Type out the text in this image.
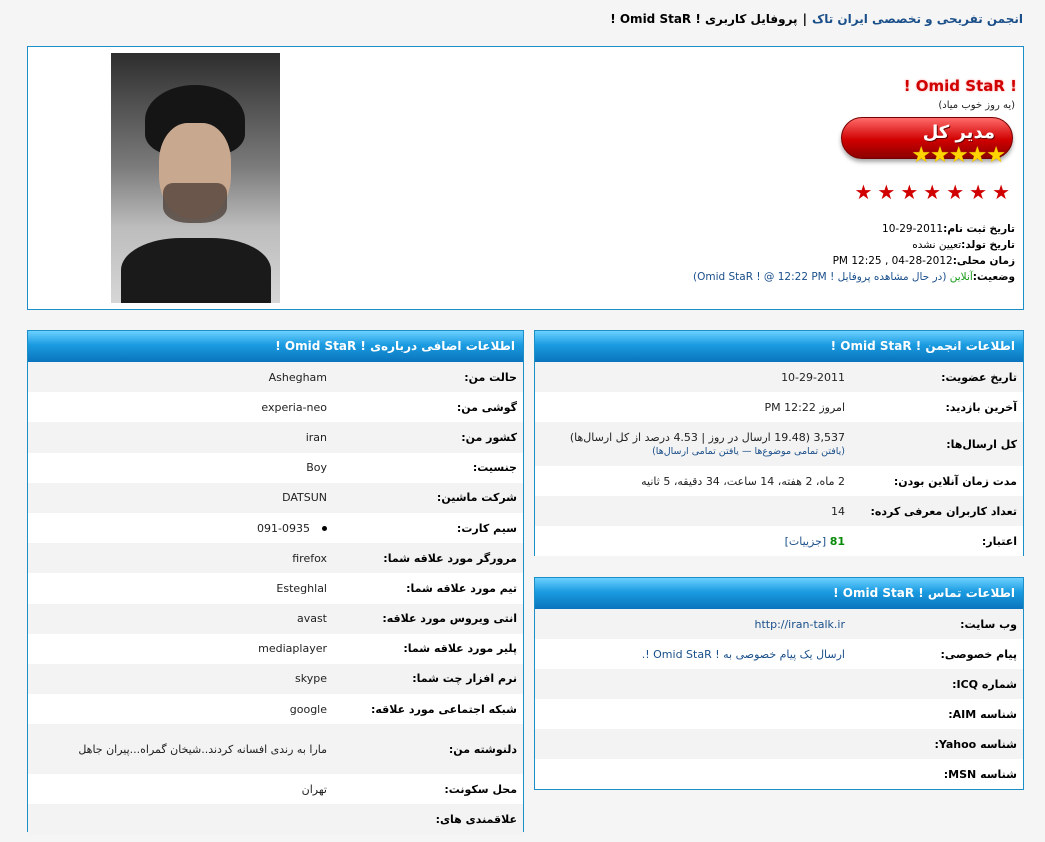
انجمن تفریحی و تخصصی ایران تاک|پروفایل کاربری ! Omid StaR !
! Omid StaR !
(یه روز خوب میاد)
مدیر کل
★★★★★
★★★★★★★
تاریخ ثبت نام:2011-29-10
تاریخ تولد:تعیین نشده
زمان محلی:2012-28-04 , 12:25 PM
وضعیت:آنلاین (در حال مشاهده پروفایل ! Omid StaR ! @ 12:22 PM)
اطلاعات اضافی درباره‌ی ! Omid StaR !
حالت من:	Ashegham
گوشی من:	experia-neo
کشور من:	iran
جنسیت:	Boy
شرکت ماشین:	DATSUN
سیم کارت:	091-0935
مرورگر مورد علاقه شما:	firefox
تیم مورد علاقه شما:	Esteghlal
انتی ویروس مورد علاقه:	avast
پلیر مورد علاقه شما:	mediaplayer
نرم افزار چت شما:	skype
شبکه اجتماعی مورد علاقه:	google
دلنوشته من:	مارا به رندی افسانه کردند..شیخان گمراه...پیران جاهل
محل سکونت:	تهران
علاقمندی های:	
اطلاعات انجمن ! Omid StaR !
تاریخ عضویت:	10-29-2011
آخرین بازدید:	امروز 12:22 PM
کل ارسال‌ها:	3,537 (19.48 ارسال در روز | 4.53 درصد از کل ارسال‌ها)
(یافتن تمامی موضوع‌ها — یافتن تمامی ارسال‌ها)
مدت زمان آنلاین بودن:	2 ماه، 2 هفته، 14 ساعت، 34 دقیقه، 5 ثانیه
تعداد کاربران معرفی کرده:	14
اعتبار:	81 [جزییات]
اطلاعات تماس ! Omid StaR !
وب سایت:	http://iran-talk.ir
پیام خصوصی:	ارسال یک پیام خصوصی به ! Omid StaR !.
شماره ICQ:	
شناسه AIM:	
شناسه Yahoo:	
شناسه MSN:	
